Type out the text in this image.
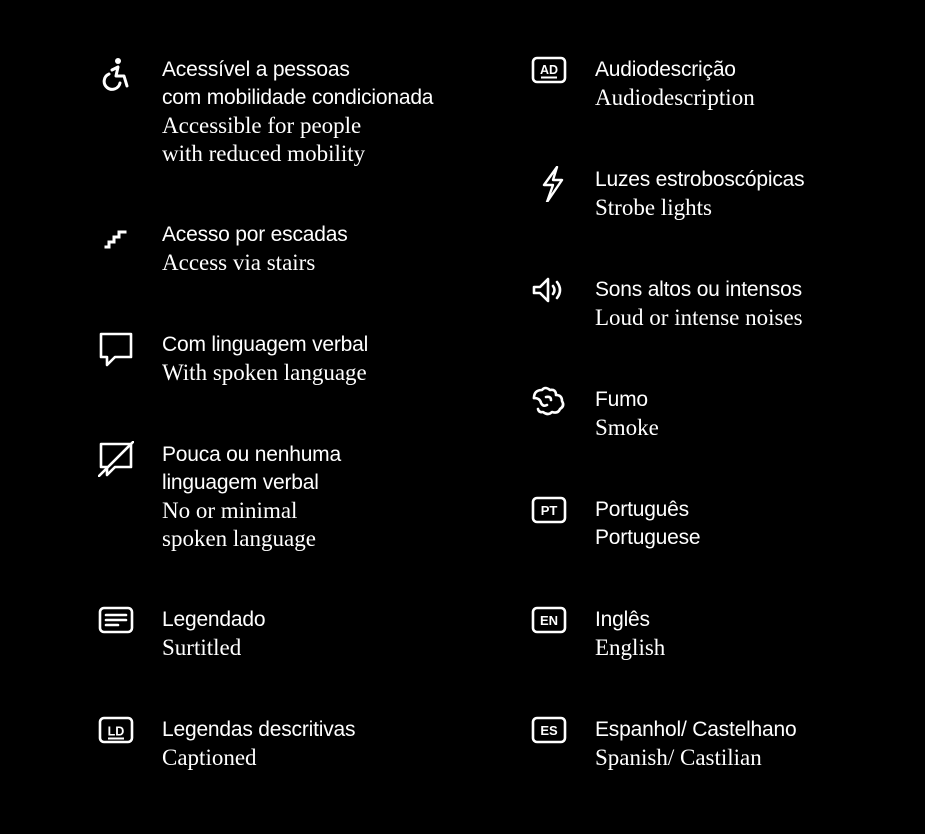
Acessível a pessoas
com mobilidade condicionada
Accessible for people
with reduced mobility
Acesso por escadas
Access via stairs
Com linguagem verbal
With spoken language
Pouca ou nenhuma
linguagem verbal
No or minimal
spoken language
Legendado
Surtitled
LD Legendas descritivas
Captioned
AD Audiodescrição
Audiodescription
Luzes estroboscópicas
Strobe lights
Sons altos ou intensos
Loud or intense noises
Fumo
Smoke
PT Português
Portuguese
EN Inglês
English
ES Espanhol/ Castelhano
Spanish/ Castilian
